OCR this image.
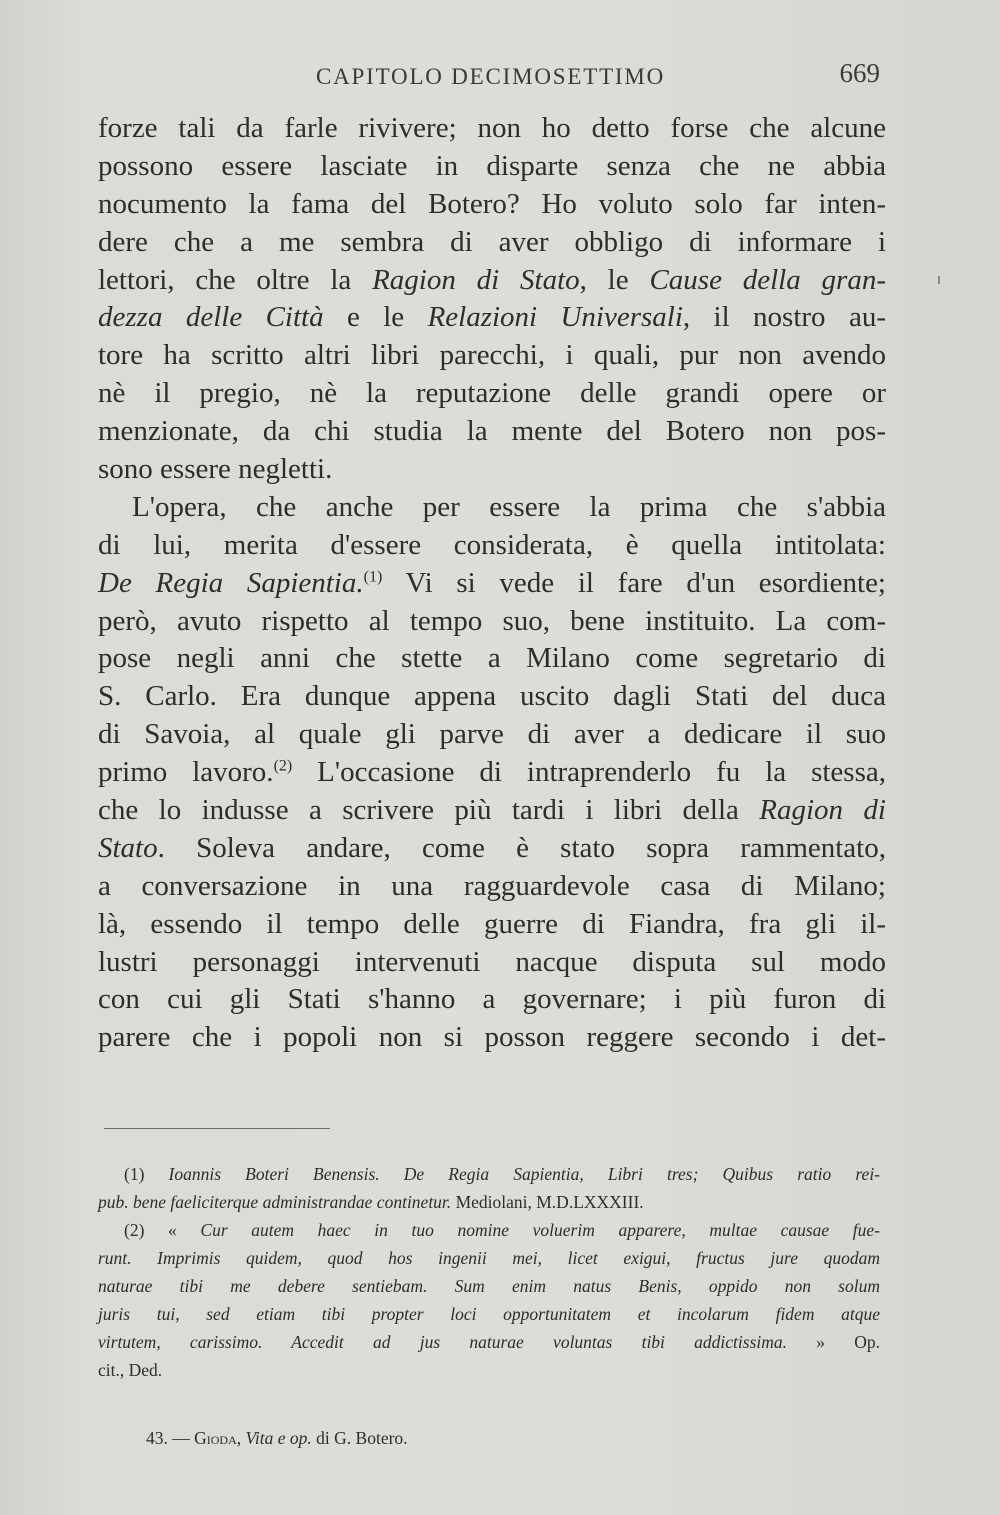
CAPITOLO DECIMOSETTIMO	669
forze tali da farle rivivere; non ho detto forse che alcune
possono essere lasciate in disparte senza che ne abbia
nocumento la fama del Botero? Ho voluto solo far inten-
dere che a me sembra di aver obbligo di informare i
lettori, che oltre la Ragion di Stato, le Cause della gran-
dezza delle Città e le Relazioni Universali, il nostro au-
tore ha scritto altri libri parecchi, i quali, pur non avendo
nè il pregio, nè la reputazione delle grandi opere or
menzionate, da chi studia la mente del Botero non pos-
sono essere negletti.
L'opera, che anche per essere la prima che s'abbia
di lui, merita d'essere considerata, è quella intitolata:
De Regia Sapientia.$^{(1)}$ Vi si vede il fare d'un esordiente;
però, avuto rispetto al tempo suo, bene instituito. La com-
pose negli anni che stette a Milano come segretario di
S. Carlo. Era dunque appena uscito dagli Stati del duca
di Savoia, al quale gli parve di aver a dedicare il suo
primo lavoro.$^{(2)}$ L'occasione di intraprenderlo fu la stessa,
che lo indusse a scrivere più tardi i libri della Ragion di
Stato. Soleva andare, come è stato sopra rammentato,
a conversazione in una ragguardevole casa di Milano;
là, essendo il tempo delle guerre di Fiandra, fra gli il-
lustri personaggi intervenuti nacque disputa sul modo
con cui gli Stati s'hanno a governare; i più furon di
parere che i popoli non si posson reggere secondo i det-
(1) Ioannis Boteri Benensis. De Regia Sapientia, Libri tres; Quibus ratio rei-
pub. bene faeliciterque administrandae continetur. Mediolani, M.D.LXXXIII.
(2) « Cur autem haec in tuo nomine voluerim apparere, multae causae fue-
runt. Imprimis quidem, quod hos ingenii mei, licet exigui, fructus jure quodam
naturae tibi me debere sentiebam. Sum enim natus Benis, oppido non solum
juris tui, sed etiam tibi propter loci opportunitatem et incolarum fidem atque
virtutem, carissimo. Accedit ad jus naturae voluntas tibi addictissima. » Op.
cit., Ded.
43. — Gioda, Vita e op. di G. Botero.
